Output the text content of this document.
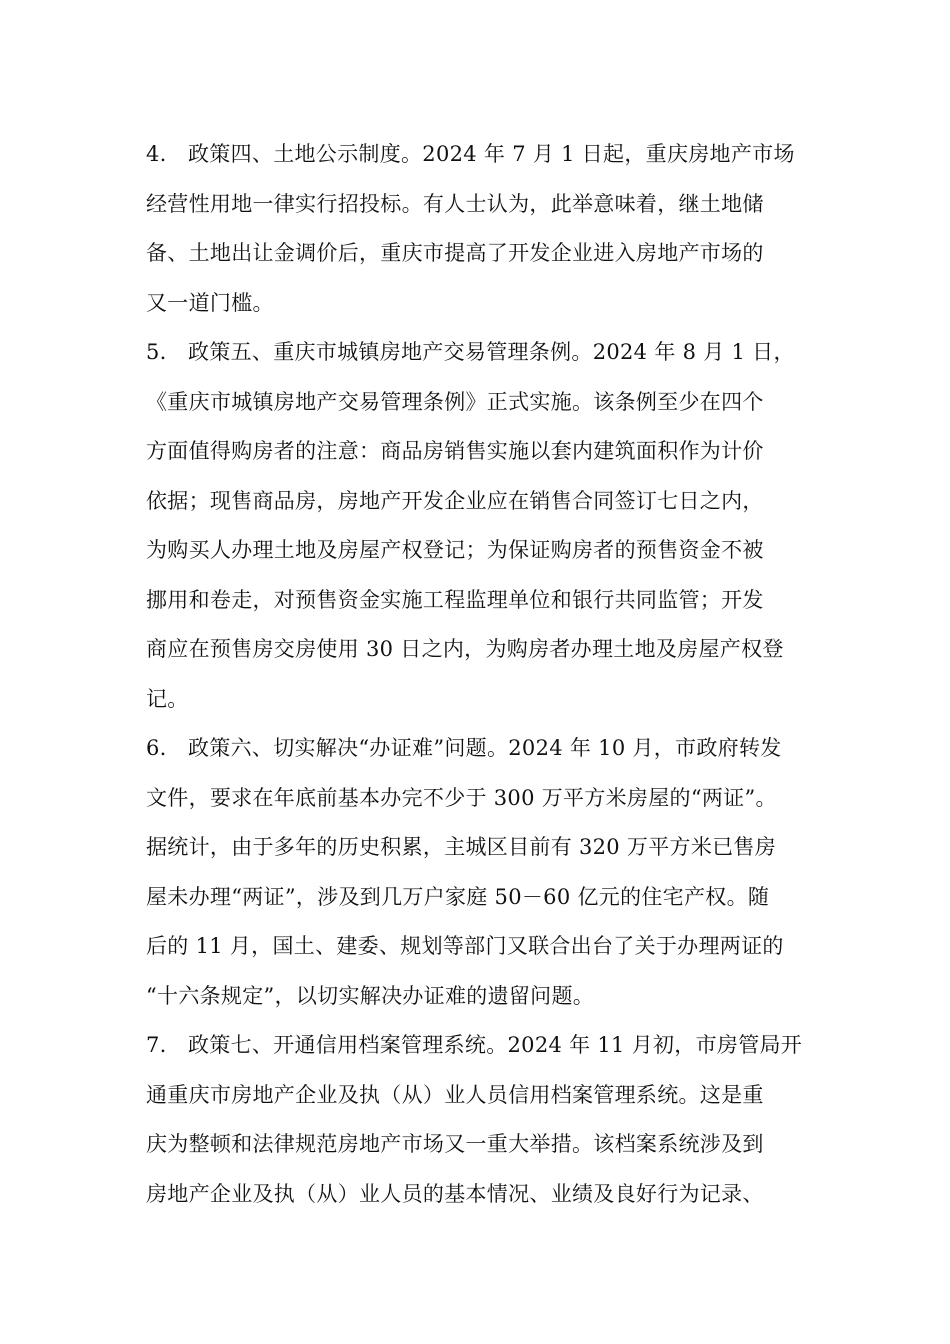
4. 政策四、土地公示制度。2024 年 7 月 1 日起，重庆房地产市场
经营性用地一律实行招投标。有人士认为，此举意味着，继土地储
备、土地出让金调价后，重庆市提高了开发企业进入房地产市场的
又一道门槛。
5. 政策五、重庆市城镇房地产交易管理条例。2024 年 8 月 1 日，
《重庆市城镇房地产交易管理条例》正式实施。该条例至少在四个
方面值得购房者的注意：商品房销售实施以套内建筑面积作为计价
依据；现售商品房，房地产开发企业应在销售合同签订七日之内，
为购买人办理土地及房屋产权登记；为保证购房者的预售资金不被
挪用和卷走，对预售资金实施工程监理单位和银行共同监管；开发
商应在预售房交房使用 30 日之内，为购房者办理土地及房屋产权登
记。
6. 政策六、切实解决“办证难”问题。2024 年 10 月，市政府转发
文件，要求在年底前基本办完不少于 300 万平方米房屋的“两证”。
据统计，由于多年的历史积累，主城区目前有 320 万平方米已售房
屋未办理“两证”，涉及到几万户家庭 50－60 亿元的住宅产权。随
后的 11 月，国土、建委、规划等部门又联合出台了关于办理两证的
“十六条规定”，以切实解决办证难的遗留问题。
7. 政策七、开通信用档案管理系统。2024 年 11 月初，市房管局开
通重庆市房地产企业及执（从）业人员信用档案管理系统。这是重
庆为整顿和法律规范房地产市场又一重大举措。该档案系统涉及到
房地产企业及执（从）业人员的基本情况、业绩及良好行为记录、
